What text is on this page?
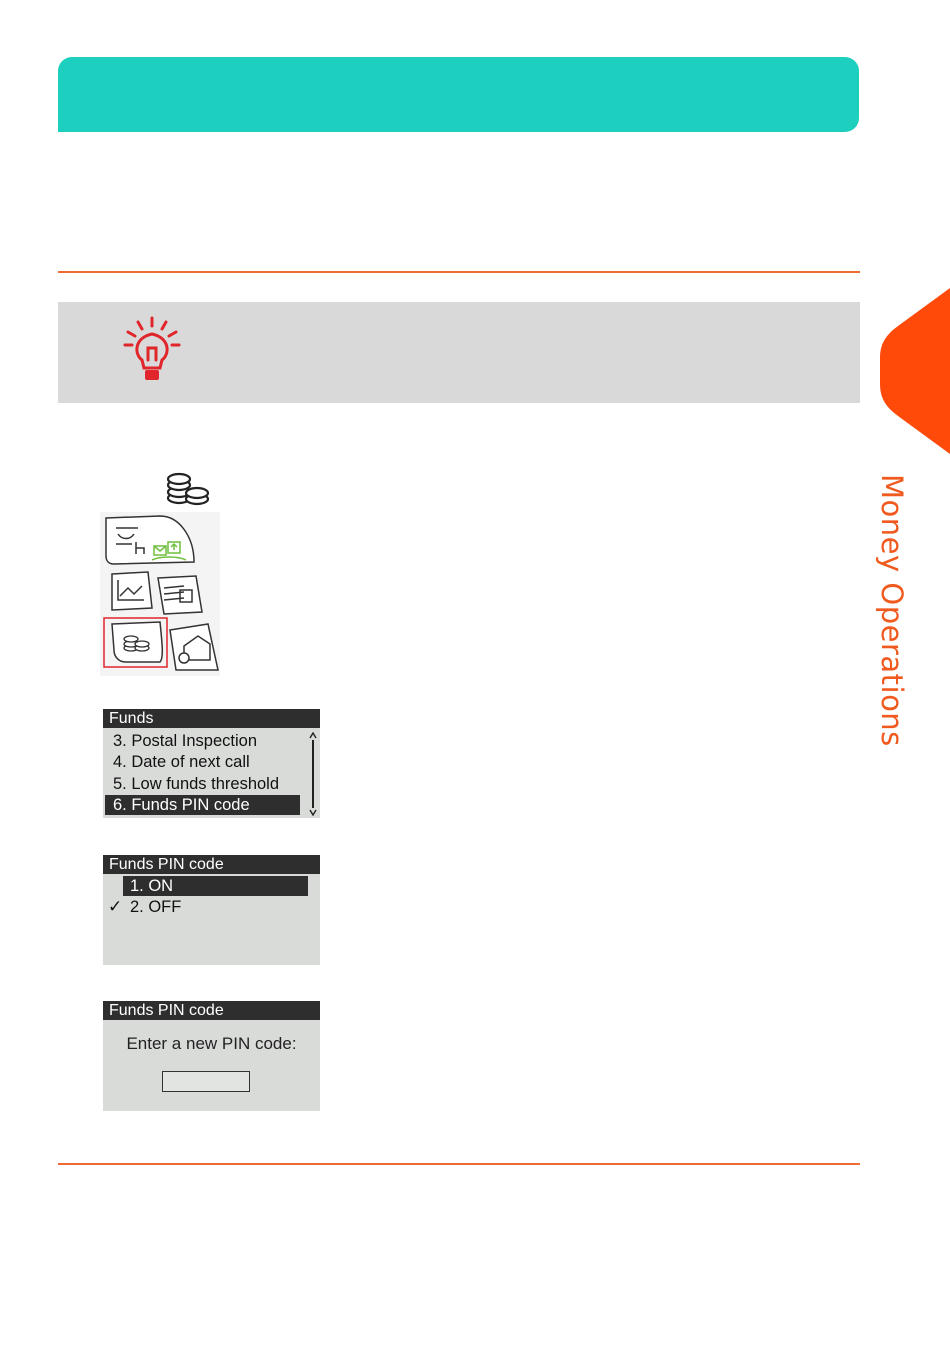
Money Operations
Funds
3. Postal Inspection
4. Date of next call
5. Low funds threshold
6. Funds PIN code
Funds PIN code
1. ON
✓ 2. OFF
Funds PIN code
Enter a new PIN code:
